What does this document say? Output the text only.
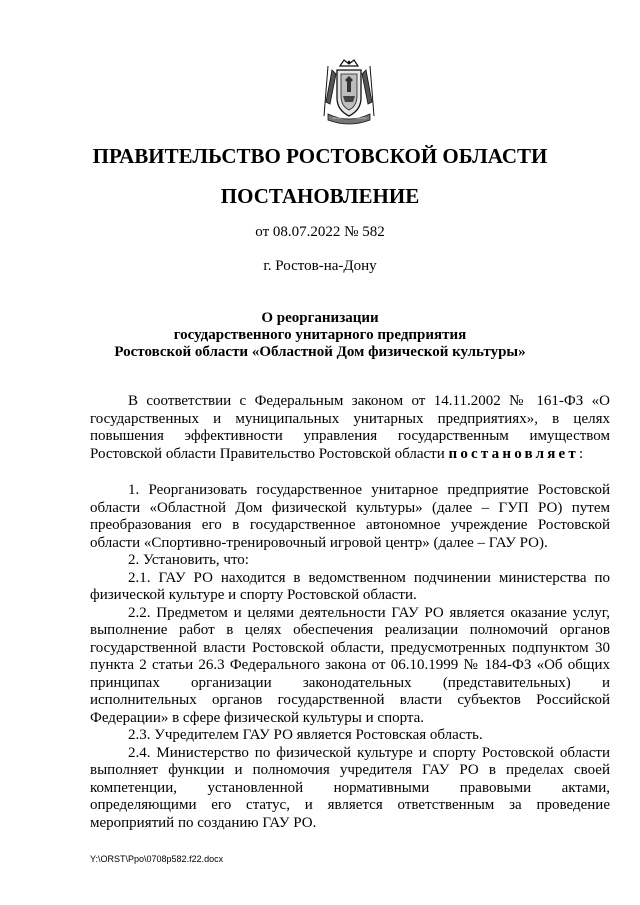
ПРАВИТЕЛЬСТВО РОСТОВСКОЙ ОБЛАСТИ
ПОСТАНОВЛЕНИЕ
от 08.07.2022 № 582
г. Ростов-на-Дону
О реорганизации
государственного унитарного предприятия
Ростовской области «Областной Дом физической культуры»

В соответствии с Федеральным законом от 14.11.2002 № 161-ФЗ «О государственных и муниципальных унитарных предприятиях», в целях повышения эффективности управления государственным имуществом Ростовской области Правительство Ростовской области постановляет:

1. Реорганизовать государственное унитарное предприятие Ростовской области «Областной Дом физической культуры» (далее – ГУП РО) путем преобразования его в государственное автономное учреждение Ростовской области «Спортивно-тренировочный игровой центр» (далее – ГАУ РО).

2. Установить, что:

2.1. ГАУ РО находится в ведомственном подчинении министерства по физической культуре и спорту Ростовской области.

2.2. Предметом и целями деятельности ГАУ РО является оказание услуг, выполнение работ в целях обеспечения реализации полномочий органов государственной власти Ростовской области, предусмотренных подпунктом 30 пункта 2 статьи 26.3 Федерального закона от 06.10.1999 № 184-ФЗ «Об общих принципах организации законодательных (представительных) и исполнительных органов государственной власти субъектов Российской Федерации» в сфере физической культуры и спорта.

2.3. Учредителем ГАУ РО является Ростовская область.

2.4. Министерство по физической культуре и спорту Ростовской области выполняет функции и полномочия учредителя ГАУ РО в пределах своей компетенции, установленной нормативными правовыми актами, определяющими его статус, и является ответственным за проведение мероприятий по созданию ГАУ РО.

Y:\ORST\Ppo\0708p582.f22.docx
